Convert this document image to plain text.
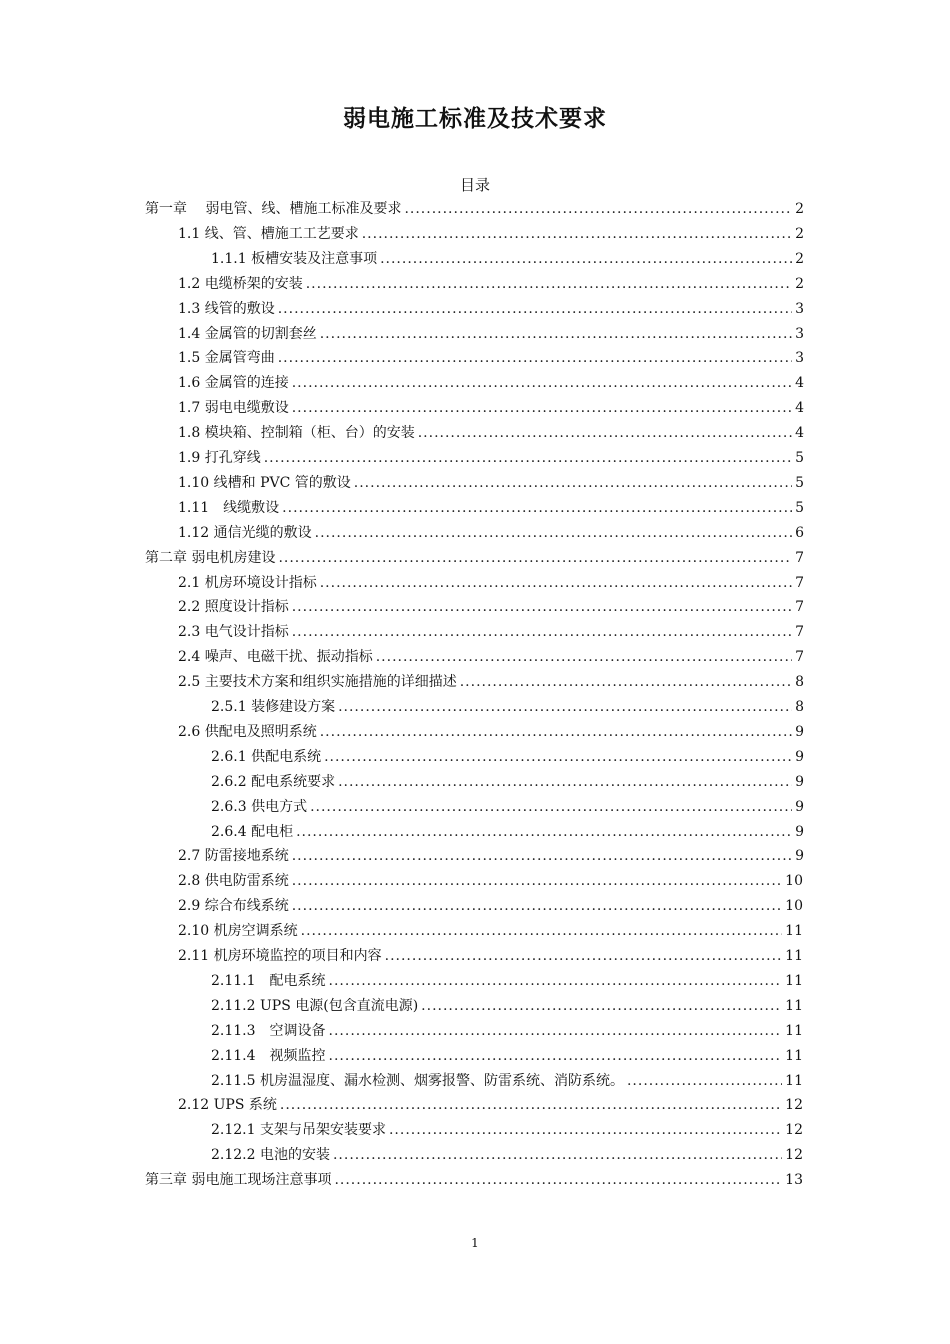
弱电施工标准及技术要求
目录
第一章　 弱电管、线、槽施工标准及要求 .....	2
1.1 线、管、槽施工工艺要求 .....	2
1.1.1 板槽安装及注意事项 .....	2
1.2 电缆桥架的安装 .....	2
1.3 线管的敷设 .....	3
1.4 金属管的切割套丝 .....	3
1.5 金属管弯曲 .....	3
1.6 金属管的连接 .....	4
1.7 弱电电缆敷设 .....	4
1.8 模块箱、控制箱（柜、台）的安装 .....	4
1.9 打孔穿线 .....	5
1.10 线槽和 PVC 管的敷设 .....	5
1.11　线缆敷设 .....	5
1.12 通信光缆的敷设 .....	6
第二章 弱电机房建设 .....	7
2.1 机房环境设计指标 .....	7
2.2 照度设计指标 .....	7
2.3 电气设计指标 .....	7
2.4 噪声、电磁干扰、振动指标 .....	7
2.5 主要技术方案和组织实施措施的详细描述 .....	8
2.5.1 装修建设方案 .....	8
2.6 供配电及照明系统 .....	9
2.6.1 供配电系统 .....	9
2.6.2 配电系统要求 .....	9
2.6.3 供电方式 .....	9
2.6.4 配电柜 .....	9
2.7 防雷接地系统 .....	9
2.8 供电防雷系统 .....	10
2.9 综合布线系统 .....	10
2.10 机房空调系统 .....	11
2.11 机房环境监控的项目和内容 .....	11
2.11.1　配电系统 .....	11
2.11.2 UPS 电源(包含直流电源) .....	11
2.11.3　空调设备 .....	11
2.11.4　视频监控 .....	11
2.11.5 机房温湿度、漏水检测、烟雾报警、防雷系统、消防系统。 .....	11
2.12 UPS 系统 .....	12
2.12.1 支架与吊架安装要求 .....	12
2.12.2 电池的安装 .....	12
第三章 弱电施工现场注意事项 .....	13
1
